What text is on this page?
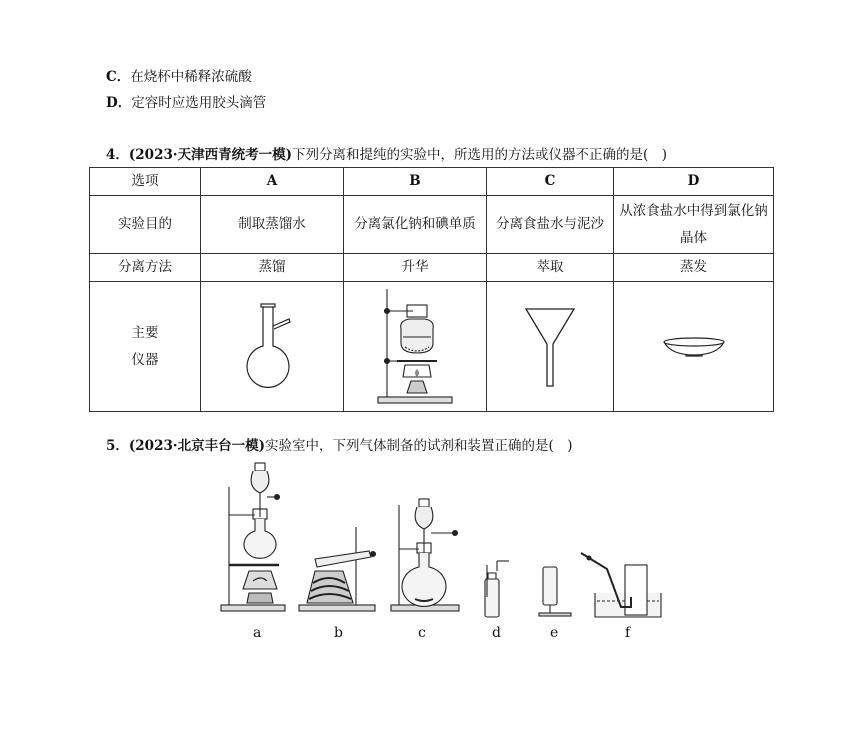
C．在烧杯中稀释浓硫酸
D．定容时应选用胶头滴管
4．(2023·天津西青统考一模)下列分离和提纯的实验中，所选用的方法或仪器不正确的是(　)
选项	A	B	C	D
实验目的	制取蒸馏水	分离氯化钠和碘单质	分离食盐水与泥沙	从浓食盐水中得到氯化钠晶体

分离方法	蒸馏	升华	萃取	蒸发
主要
仪器	

5．(2023·北京丰台一模)实验室中，下列气体制备的试剂和装置正确的是(　)
a	b	c	d	e	f
